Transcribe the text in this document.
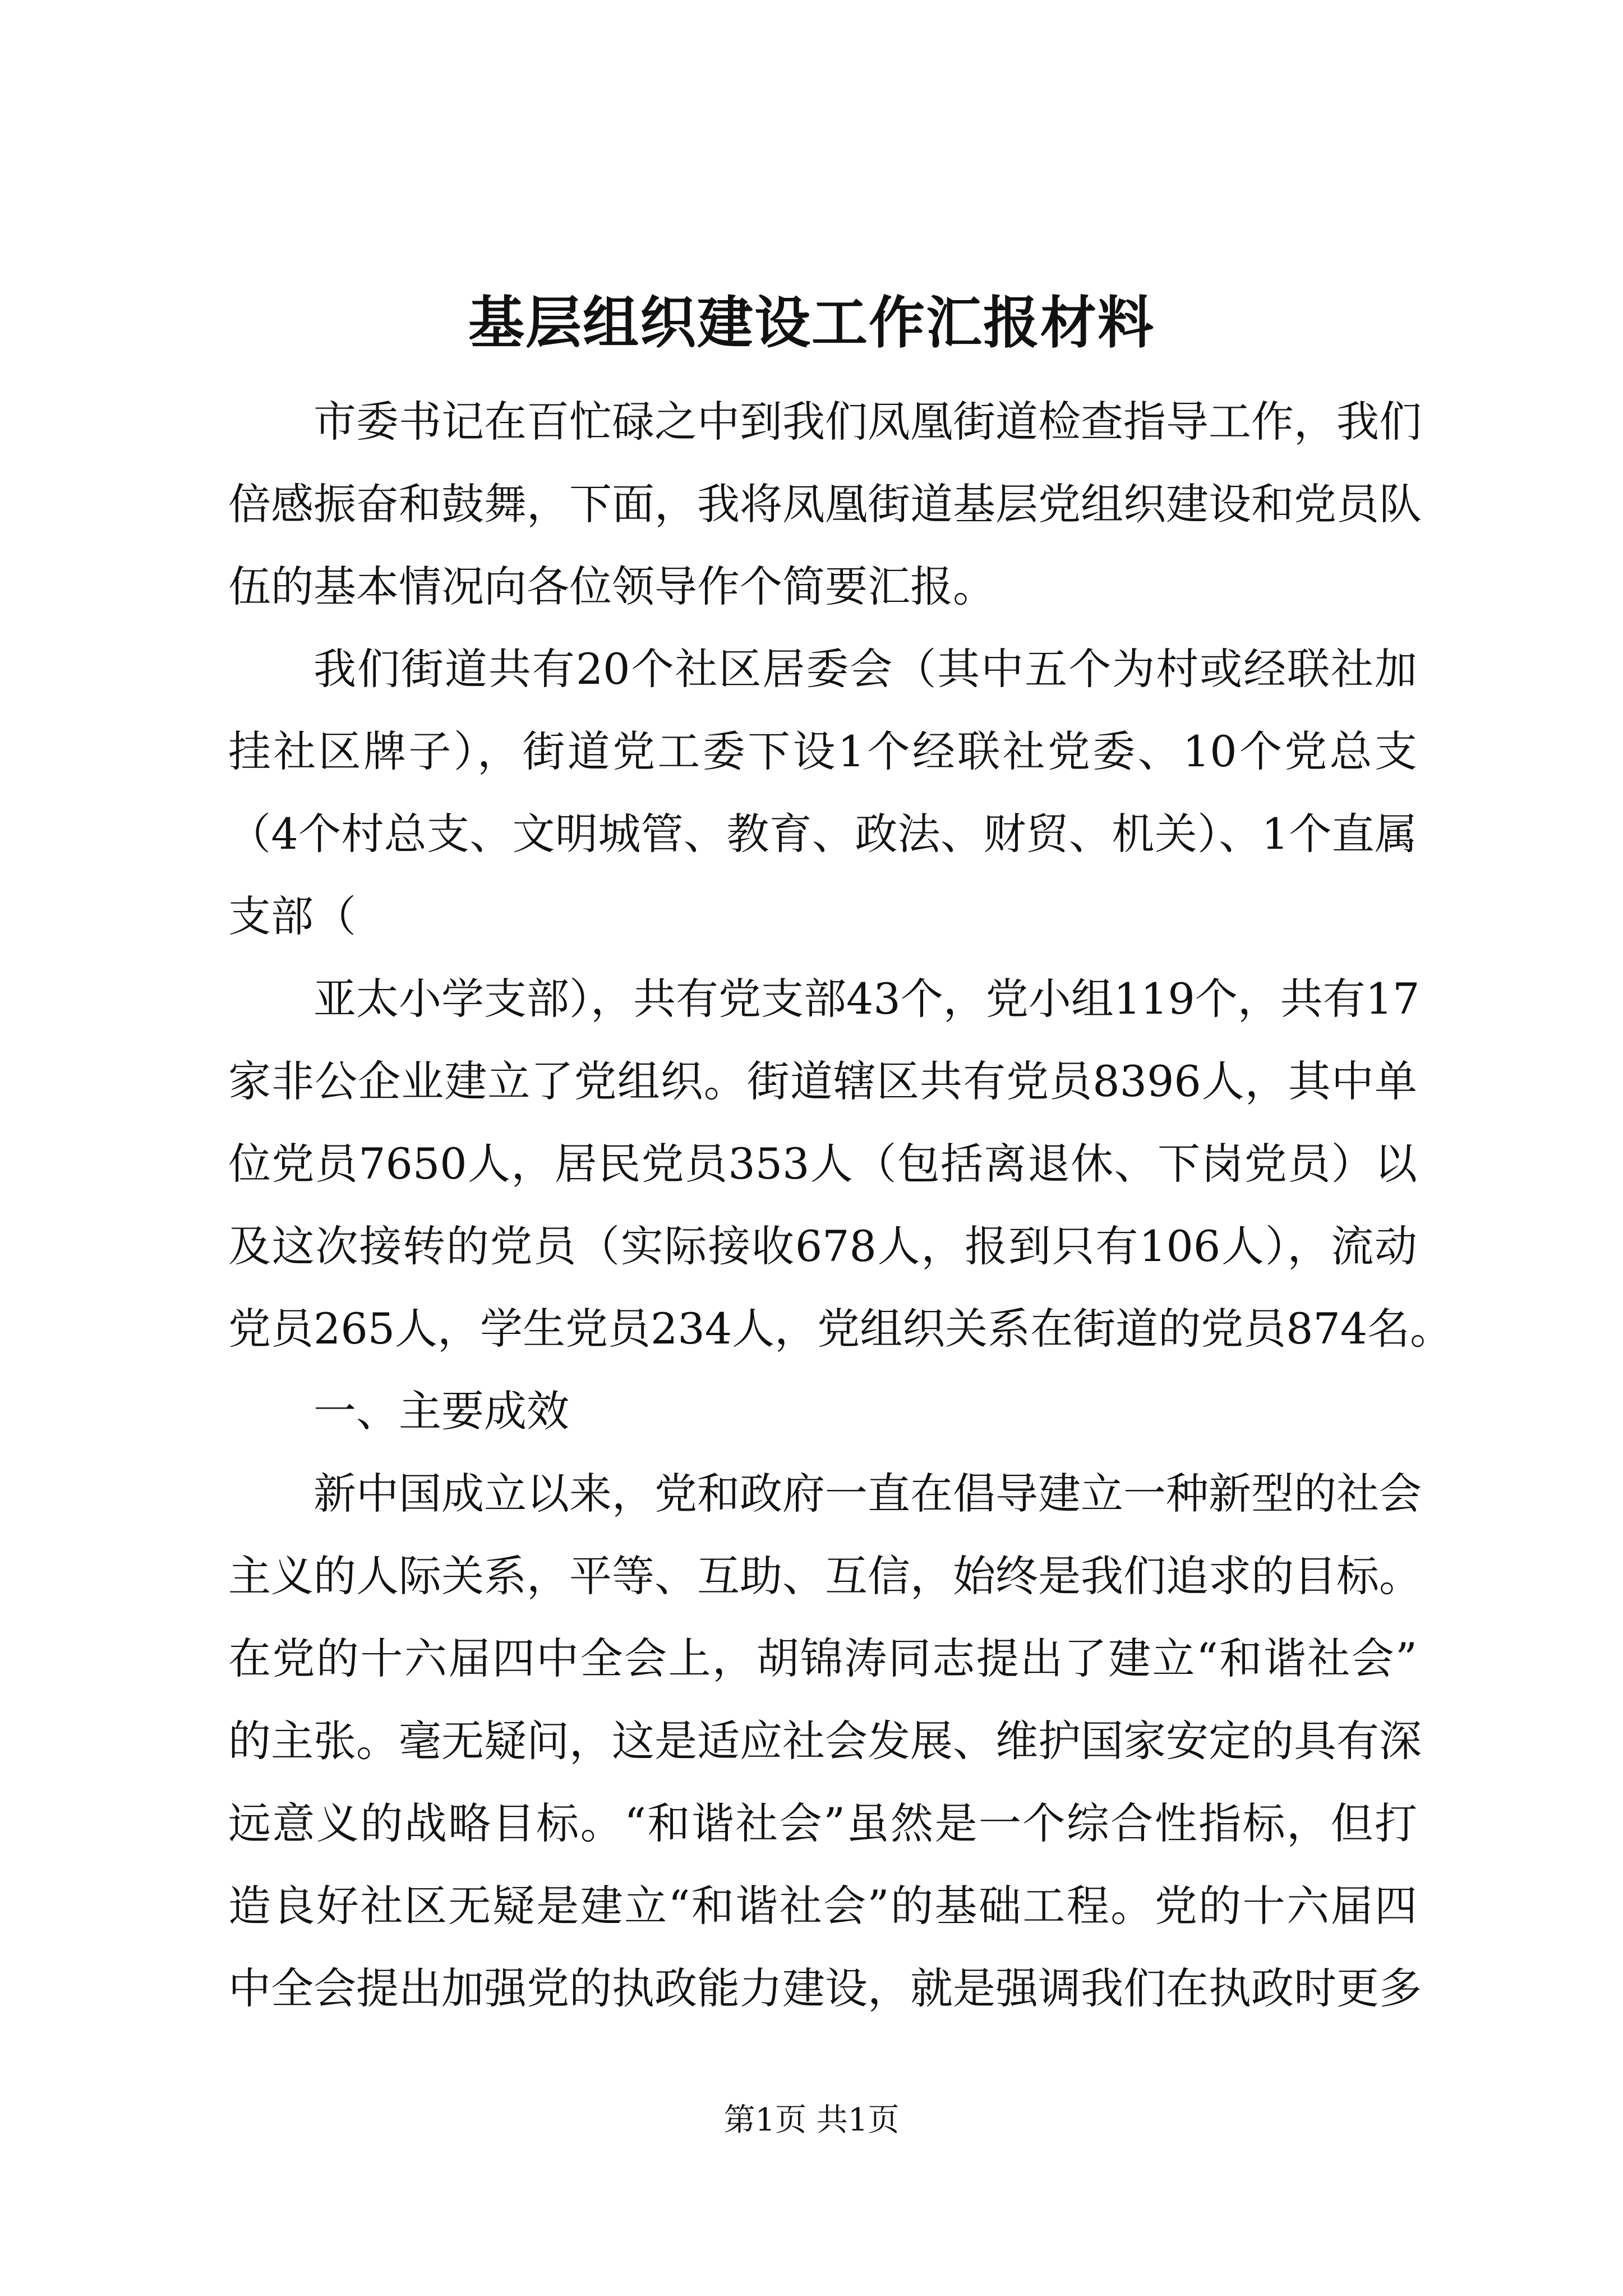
基层组织建设工作汇报材料
市委书记在百忙碌之中到我们凤凰街道检查指导工作，我们
倍感振奋和鼓舞，下面，我将凤凰街道基层党组织建设和党员队
伍的基本情况向各位领导作个简要汇报。
我们街道共有20个社区居委会（其中五个为村或经联社加
挂社区牌子），街道党工委下设1个经联社党委、10个党总支
（4个村总支、文明城管、教育、政法、财贸、机关）、1个直属
支部（
亚太小学支部），共有党支部43个，党小组119个，共有17
家非公企业建立了党组织。街道辖区共有党员8396人，其中单
位党员7650人，居民党员353人（包括离退休、下岗党员）以
及这次接转的党员（实际接收678人，报到只有106人），流动
党员265人，学生党员234人，党组织关系在街道的党员874名。
一、主要成效
新中国成立以来，党和政府一直在倡导建立一种新型的社会
主义的人际关系，平等、互助、互信，始终是我们追求的目标。
在党的十六届四中全会上，胡锦涛同志提出了建立“和谐社会”
的主张。毫无疑问，这是适应社会发展、维护国家安定的具有深
远意义的战略目标。“和谐社会”虽然是一个综合性指标，但打
造良好社区无疑是建立“和谐社会”的基础工程。党的十六届四
中全会提出加强党的执政能力建设，就是强调我们在执政时更多

第1页 共1页
